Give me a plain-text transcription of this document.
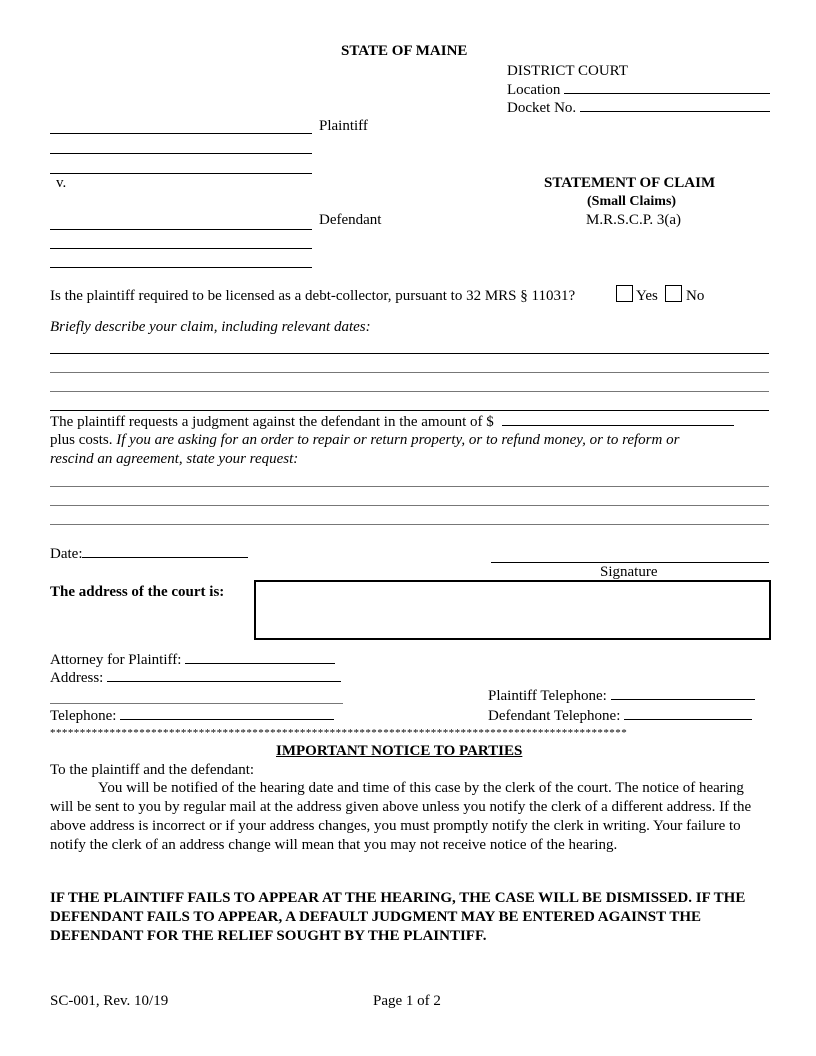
STATE OF MAINE
DISTRICT COURT
Location
Docket No.
Plaintiff
v.	STATEMENT OF CLAIM
(Small Claims)
M.R.S.C.P. 3(a)
Defendant
Is the plaintiff required to be licensed as a debt-collector, pursuant to 32 MRS § 11031?	Yes No
Briefly describe your claim, including relevant dates:
The plaintiff requests a judgment against the defendant in the amount of $
plus costs. If you are asking for an order to repair or return property, or to refund money, or to reform or
rescind an agreement, state your request:
Date:
Signature
The address of the court is:
Attorney for Plaintiff:
Address:
Plaintiff Telephone:
Telephone:	Defendant Telephone:
*************************************************************************************************
IMPORTANT NOTICE TO PARTIES
To the plaintiff and the defendant:
You will be notified of the hearing date and time of this case by the clerk of the court. The notice of hearing will be sent to you by regular mail at the address given above unless you notify the clerk of a different address. If the above address is incorrect or if your address changes, you must promptly notify the clerk in writing. Your failure to notify the clerk of an address change will mean that you may not receive notice of the hearing.
IF THE PLAINTIFF FAILS TO APPEAR AT THE HEARING, THE CASE WILL BE DISMISSED. IF THE DEFENDANT FAILS TO APPEAR, A DEFAULT JUDGMENT MAY BE ENTERED AGAINST THE DEFENDANT FOR THE RELIEF SOUGHT BY THE PLAINTIFF.
SC-001, Rev. 10/19	Page 1 of 2
